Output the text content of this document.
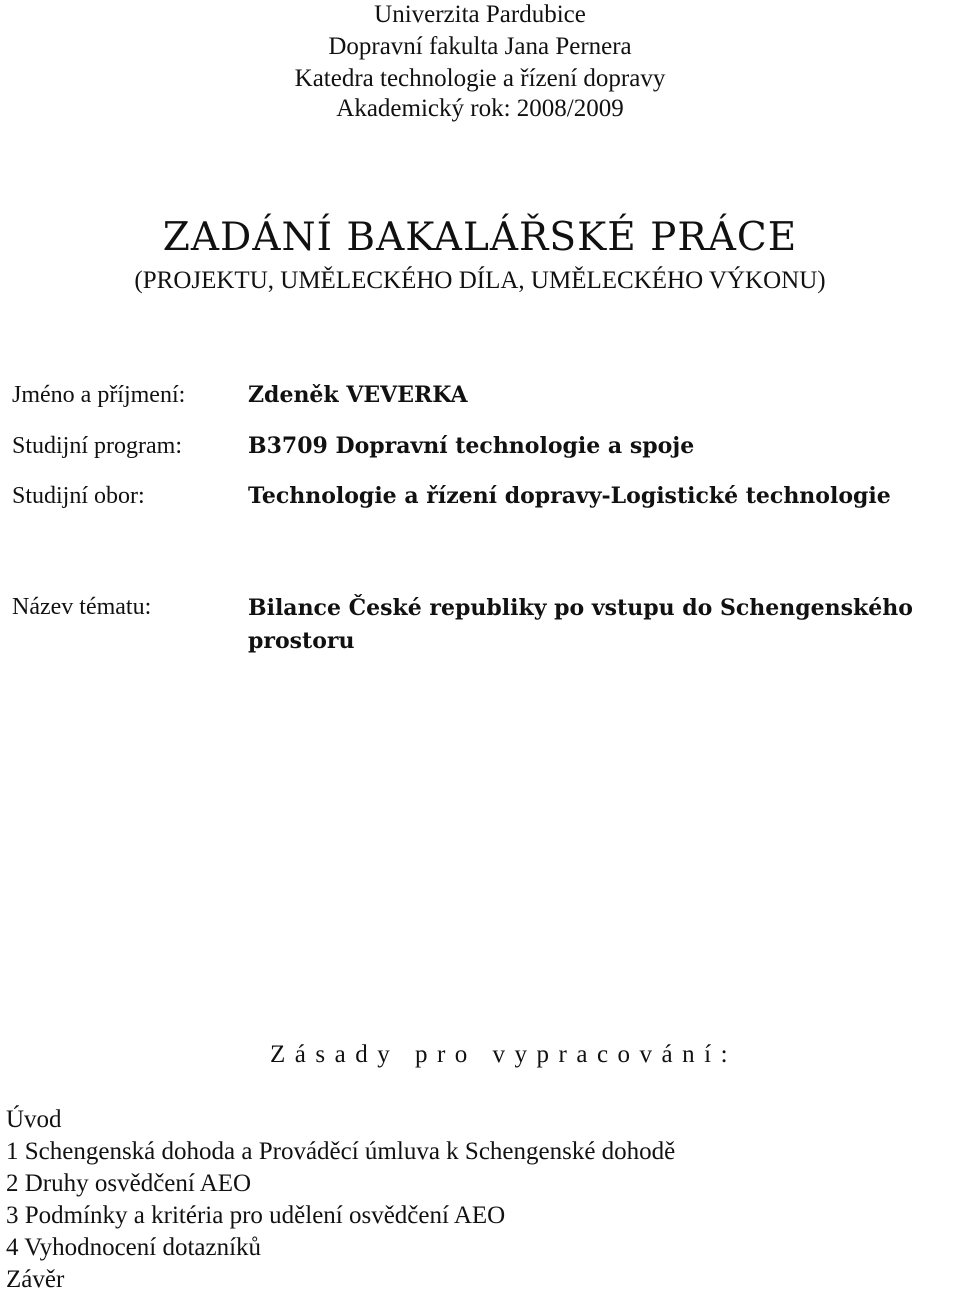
Univerzita Pardubice
Dopravní fakulta Jana Pernera
Katedra technologie a řízení dopravy
Akademický rok: 2008/2009
ZADÁNÍ BAKALÁŘSKÉ PRÁCE
(PROJEKTU, UMĚLECKÉHO DÍLA, UMĚLECKÉHO VÝKONU)
Jméno a příjmení:	Zdeněk VEVERKA
Studijní program:	B3709 Dopravní technologie a spoje
Studijní obor:	Technologie a řízení dopravy-Logistické technologie
Název tématu:	Bilance České republiky po vstupu do Schengenského prostoru
Zásady pro vypracování:
Úvod
1 Schengenská dohoda a Prováděcí úmluva k Schengenské dohodě
2 Druhy osvědčení AEO
3 Podmínky a kritéria pro udělení osvědčení AEO
4 Vyhodnocení dotazníků
Závěr
